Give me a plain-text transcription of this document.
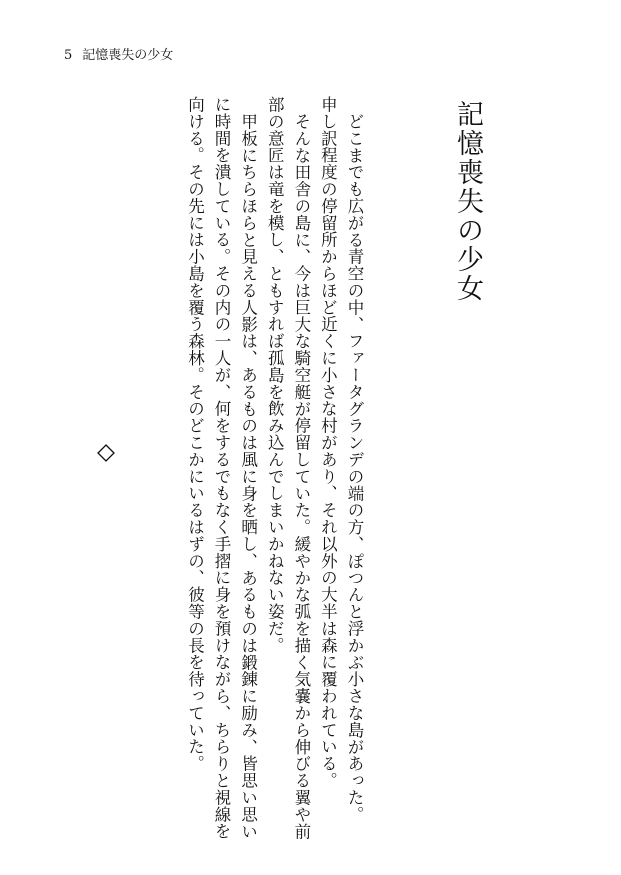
5 記憶喪失の少女
記憶喪失の少女

どこまでも広がる青空の中、ファータグランデの端の方、ぽつんと浮かぶ小さな島があった。

申し訳程度の停留所からほど近くに小さな村があり、それ以外の大半は森に覆われている。

そんな田舎の島に、今は巨大な騎空艇が停留していた。緩やかな弧を描く気嚢から伸びる翼や前部の意匠は竜を模し、ともすれば孤島を飲み込んでしまいかねない姿だ。

甲板にちらほらと見える人影は、あるものは風に身を晒し、あるものは鍛錬に励み、皆思い思いに時間を潰している。その内の一人が、何をするでもなく手摺に身を預けながら、ちらりと視線を向ける。その先には小島を覆う森林。そのどこかにいるはずの、彼等の長を待っていた。
